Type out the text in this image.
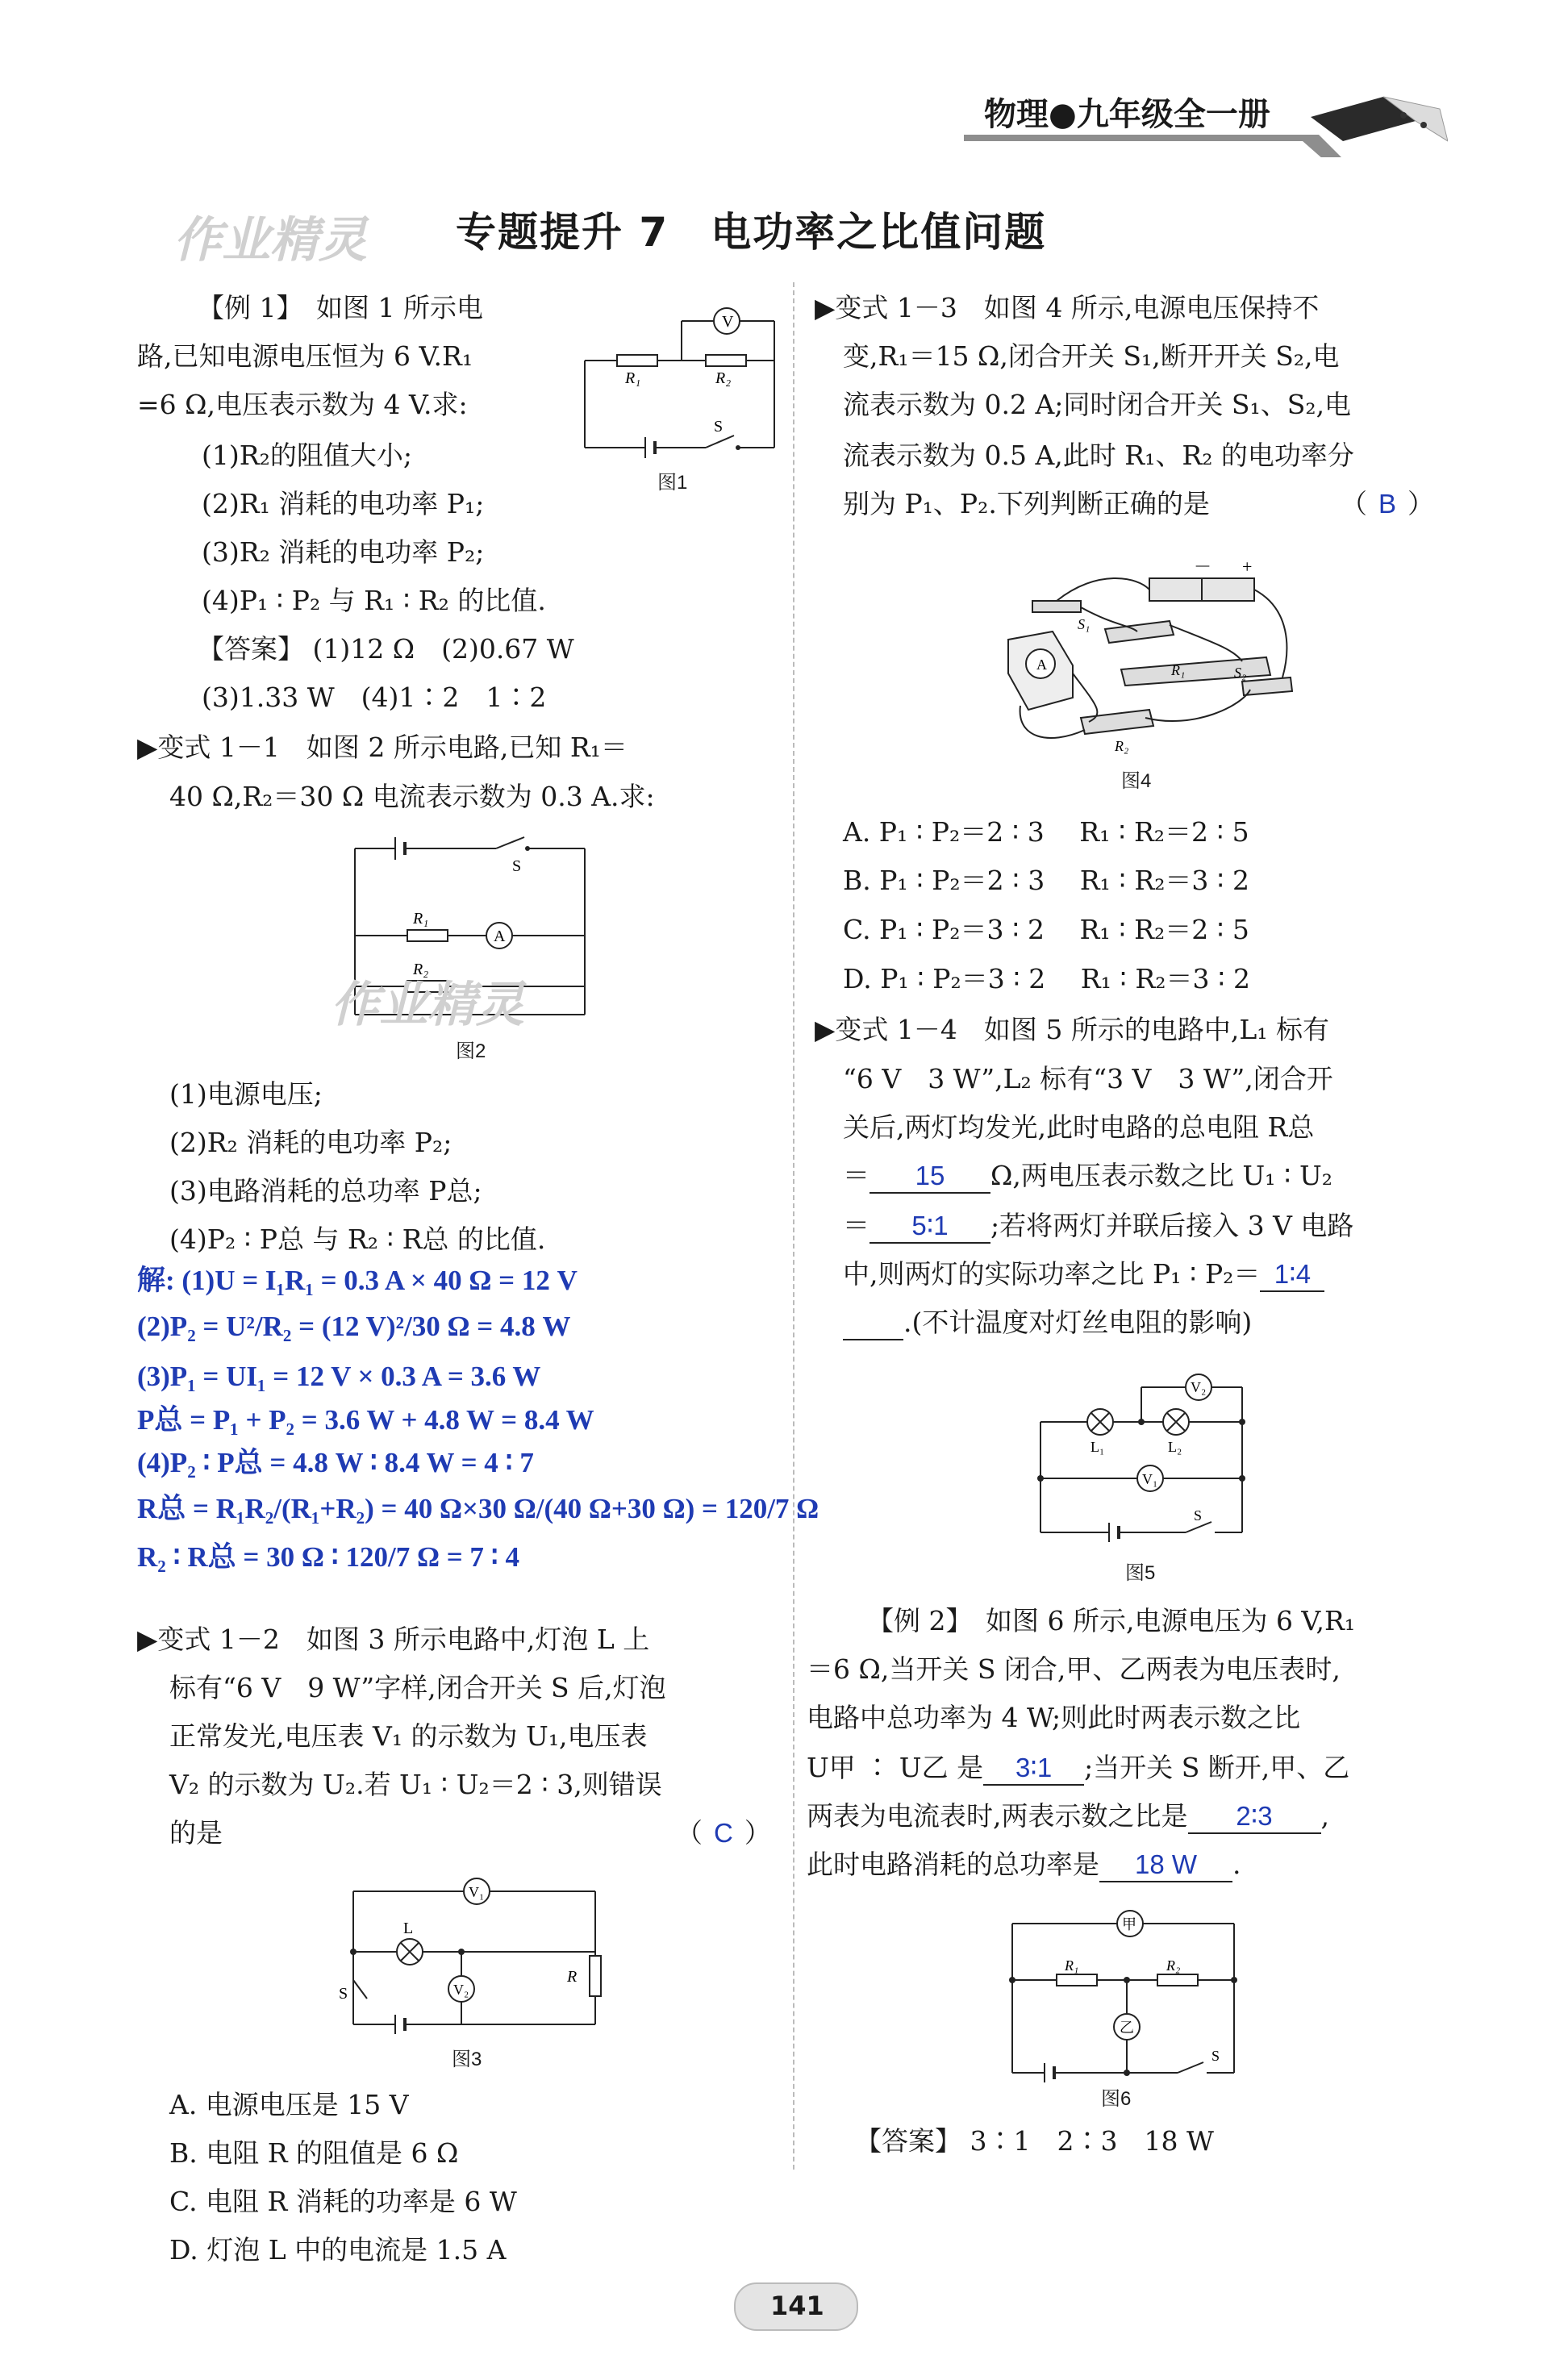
物理●九年级全一册
作业精灵 专题提升 7　电功率之比值问题
【例 1】　如图 1 所示电
路,已知电源电压恒为 6 V.R₁
=6 Ω,电压表示数为 4 V.求:
(1)R₂的阻值大小;
(2)R₁ 消耗的电功率 P₁;
(3)R₂ 消耗的电功率 P₂;
(4)P₁ ∶ P₂ 与 R₁ ∶ R₂ 的比值.
【答案】 (1)12 Ω　(2)0.67 W
(3)1.33 W　(4)1∶2　1∶2
V
R₁	R₂
S
图1
▶变式 1－1　如图 2 所示电路,已知 R₁＝
40 Ω,R₂＝30 Ω 电流表示数为 0.3 A.求:
S
R₁
A
R₂
作业精灵
图2
(1)电源电压;
(2)R₂ 消耗的电功率 P₂;
(3)电路消耗的总功率 P总;
(4)P₂ ∶ P总 与 R₂ ∶ R总 的比值.
解: (1)U = I₁R₁ = 0.3 A × 40 Ω = 12 V
(2)P₂ = U²/R₂ = (12 V)²/30 Ω = 4.8 W
(3)P₁ = UI₁ = 12 V × 0.3 A = 3.6 W
P总 = P₁ + P₂ = 3.6 W + 4.8 W = 8.4 W
(4)P₂ ∶ P总 = 4.8 W ∶ 8.4 W = 4 ∶ 7
R总 = R₁R₂/(R₁+R₂) = 40 Ω×30 Ω/(40 Ω+30 Ω) = 120/7 Ω
R₂ ∶ R总 = 30 Ω ∶ 120/7 Ω = 7 ∶ 4
▶变式 1－2　如图 3 所示电路中,灯泡 L 上
标有“6 V　9 W”字样,闭合开关 S 后,灯泡
正常发光,电压表 V₁ 的示数为 U₁,电压表
V₂ 的示数为 U₂.若 U₁ ∶ U₂＝2 ∶ 3,则错误
的是	（ C ）
V₁
L
V₂
S
R
图3
A. 电源电压是 15 V
B. 电阻 R 的阻值是 6 Ω
C. 电阻 R 消耗的功率是 6 W
D. 灯泡 L 中的电流是 1.5 A
▶变式 1－3　如图 4 所示,电源电压保持不
变,R₁＝15 Ω,闭合开关 S₁,断开开关 S₂,电
流表示数为 0.2 A;同时闭合开关 S₁、S₂,电
流表示数为 0.5 A,此时 R₁、R₂ 的电功率分
别为 P₁、P₂.下列判断正确的是	（ B ）
－ +
S₁
A	R₁	S₂
R₂
图4
A. P₁ ∶ P₂＝2 ∶ 3　 R₁ ∶ R₂＝2 ∶ 5
B. P₁ ∶ P₂＝2 ∶ 3　 R₁ ∶ R₂＝3 ∶ 2
C. P₁ ∶ P₂＝3 ∶ 2　 R₁ ∶ R₂＝2 ∶ 5
D. P₁ ∶ P₂＝3 ∶ 2　 R₁ ∶ R₂＝3 ∶ 2
▶变式 1－4　如图 5 所示的电路中,L₁ 标有
“6 V　3 W”,L₂ 标有“3 V　3 W”,闭合开
关后,两灯均发光,此时电路的总电阻 R总
＝ 15 Ω,两电压表示数之比 U₁ ∶ U₂
＝ 5∶1 ;若将两灯并联后接入 3 V 电路
中,则两灯的实际功率之比 P₁ ∶ P₂＝ 1∶4
.(不计温度对灯丝电阻的影响)
V₂
L₁	L₂
V₁
S
图5
【例 2】　如图 6 所示,电源电压为 6 V,R₁
＝6 Ω,当开关 S 闭合,甲、乙两表为电压表时,
电路中总功率为 4 W;则此时两表示数之比
U甲 ∶ U乙 是 3∶1 ;当开关 S 断开,甲、乙
两表为电流表时,两表示数之比是 2∶3 ,
此时电路消耗的总功率是 18 W .
甲
R₁	R₂
乙
S
图6
【答案】 3∶1　2∶3　18 W
141
